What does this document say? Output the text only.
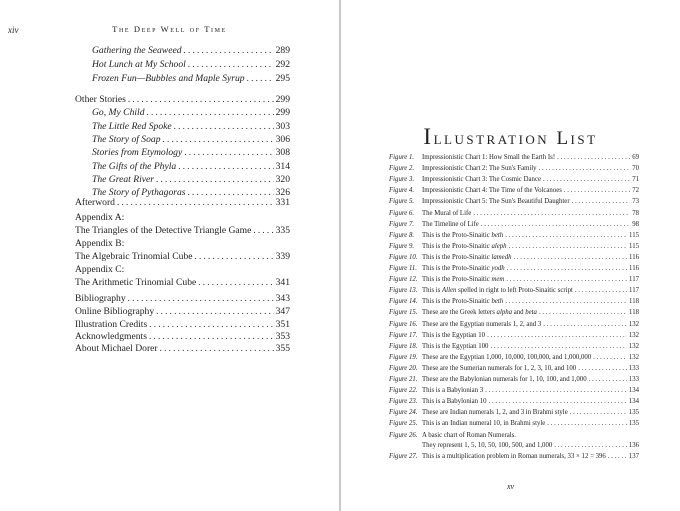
xiv	The Deep Well of Time
Gathering the Seaweed . . .	289
Hot Lunch at My School . . .	292
Frozen Fun—Bubbles and Maple Syrup . . .	295
Other Stories . . .	299
Go, My Child . . .	299
The Little Red Spoke . . .	303
The Story of Soap . . .	306
Stories from Etymology . . .	308
The Gifts of the Phyla . . .	314
The Great River . . .	320
The Story of Pythagoras . . .	326
Afterword . . .	331
Appendix A:
The Triangles of the Detective Triangle Game . . .	335
Appendix B:
The Algebraic Trinomial Cube . . .	339
Appendix C:
The Arithmetic Trinomial Cube . . .	341
Bibliography . . .	343
Online Bibliography . . .	347
Illustration Credits . . .	351
Acknowledgments . . .	353
About Michael Dorer . . .	355
Illustration List
Figure 1.	Impressionistic Chart 1: How Small the Earth Is! . . .	69
Figure 2.	Impressionistic Chart 2: The Sun's Family . . .	70
Figure 3.	Impressionistic Chart 3: The Cosmic Dance . . .	71
Figure 4.	Impressionistic Chart 4: The Time of the Volcanoes . . .	72
Figure 5.	Impressionistic Chart 5: The Sun's Beautiful Daughter . . .	73
Figure 6.	The Mural of Life . . .	78
Figure 7.	The Timeline of Life . . .	98
Figure 8.	This is the Proto-Sinaitic beth . . .	115
Figure 9.	This is the Proto-Sinaitic aleph . . .	115
Figure 10. This is the Proto-Sinaitic lamedh . . .	116
Figure 11. This is the Proto-Sinaitic yodh . . .	116
Figure 12. This is the Proto-Sinaitic mem . . .	117
Figure 13. This is Allen spelled in right to left Proto-Sinaitic script . . .	117
Figure 14. This is the Proto-Sinaitic beth . . .	118
Figure 15. These are the Greek letters alpha and beta . . .	118
Figure 16. These are the Egyptian numerals 1, 2, and 3 . . .	132
Figure 17. This is the Egyptian 10 . . .	132
Figure 18. This is the Egyptian 100 . . .	132
Figure 19. These are the Egyptian 1,000, 10,000, 100,000, and 1,000,000 . . .	132
Figure 20. These are the Sumerian numerals for 1, 2, 3, 10, and 100 . . .	133
Figure 21. These are the Babylonian numerals for 1, 10, 100, and 1,000 . . .	133
Figure 22. This is a Babylonian 3 . . .	134
Figure 23. This is a Babylonian 10 . . .	134
Figure 24. These are Indian numerals 1, 2, and 3 in Brahmi style . . .	135
Figure 25. This is an Indian numeral 10, in Brahmi style . . .	135
Figure 26. A basic chart of Roman Numerals.
They represent 1, 5, 10, 50, 100, 500, and 1,000 . . .	136
Figure 27. This is a multiplication problem in Roman numerals, 33 × 12 = 396 . . .	137
xv
